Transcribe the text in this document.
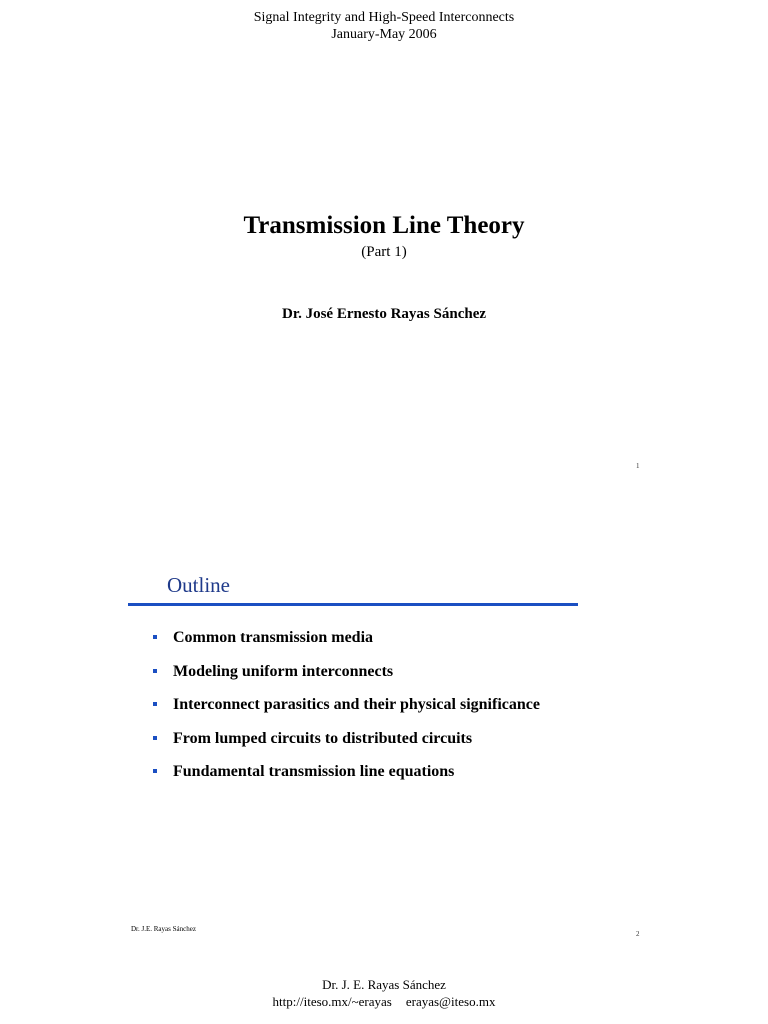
Signal Integrity and High-Speed Interconnects
January-May 2006
Transmission Line Theory
(Part 1)
Dr. José Ernesto Rayas Sánchez
1
Outline
Common transmission media
Modeling uniform interconnects
Interconnect parasitics and their physical significance
From lumped circuits to distributed circuits
Fundamental transmission line equations
Dr. J.E. Rayas Sánchez
2
Dr. J. E. Rayas Sánchez
http://iteso.mx/~erayas erayas@iteso.mx
